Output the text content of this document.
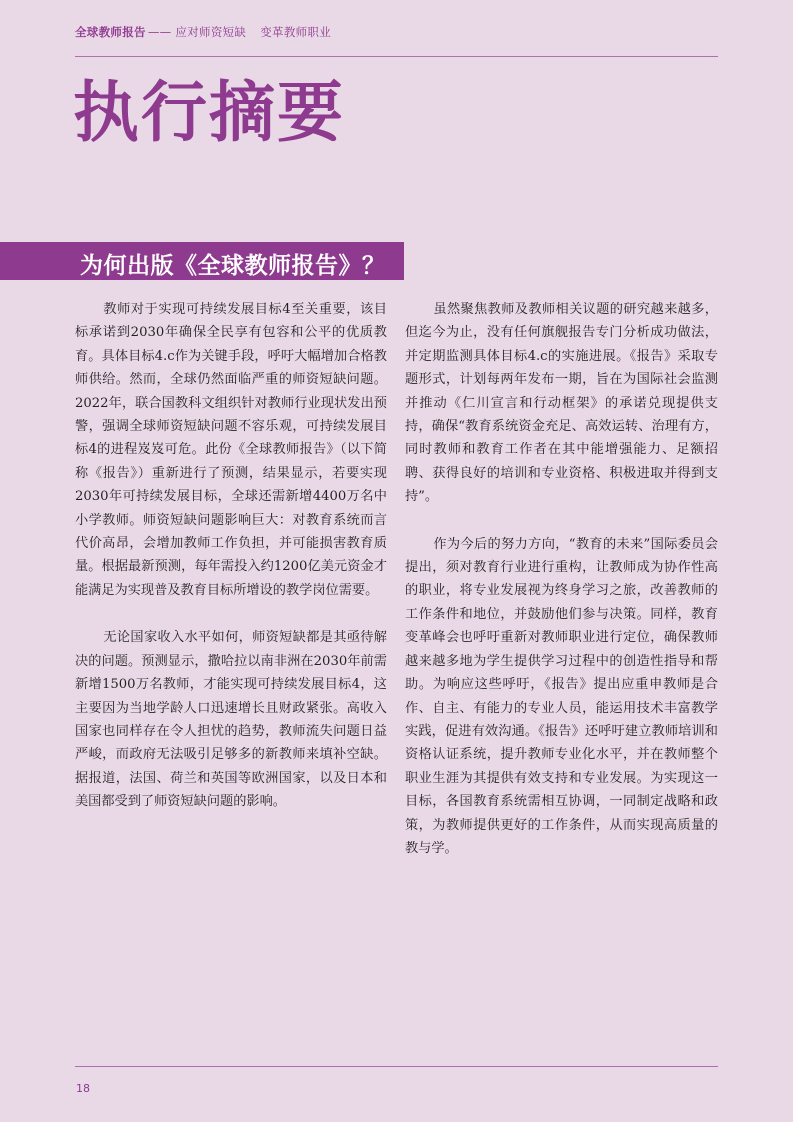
全球教师报告 —— 应对师资短缺 变革教师职业
执行摘要
为何出版《全球教师报告》？

教师对于实现可持续发展目标4至关重要，该目标承诺到2030年确保全民享有包容和公平的优质教育。具体目标4.c作为关键手段，呼吁大幅增加合格教师供给。然而，全球仍然面临严重的师资短缺问题。2022年，联合国教科文组织针对教师行业现状发出预警，强调全球师资短缺问题不容乐观，可持续发展目标4的进程岌岌可危。此份《全球教师报告》（以下简称《报告》）重新进行了预测，结果显示，若要实现2030年可持续发展目标，全球还需新增4400万名中小学教师。师资短缺问题影响巨大：对教育系统而言代价高昂，会增加教师工作负担，并可能损害教育质量。根据最新预测，每年需投入约1200亿美元资金才能满足为实现普及教育目标所增设的教学岗位需要。

无论国家收入水平如何，师资短缺都是其亟待解决的问题。预测显示，撒哈拉以南非洲在2030年前需新增1500万名教师，才能实现可持续发展目标4，这主要因为当地学龄人口迅速增长且财政紧张。高收入国家也同样存在令人担忧的趋势，教师流失问题日益严峻，而政府无法吸引足够多的新教师来填补空缺。据报道，法国、荷兰和英国等欧洲国家，以及日本和美国都受到了师资短缺问题的影响。

虽然聚焦教师及教师相关议题的研究越来越多，但迄今为止，没有任何旗舰报告专门分析成功做法，并定期监测具体目标4.c的实施进展。《报告》采取专题形式，计划每两年发布一期，旨在为国际社会监测并推动《仁川宣言和行动框架》的承诺兑现提供支持，确保“教育系统资金充足、高效运转、治理有方，同时教师和教育工作者在其中能增强能力、足额招聘、获得良好的培训和专业资格、积极进取并得到支持”。

作为今后的努力方向，“教育的未来”国际委员会提出，须对教育行业进行重构，让教师成为协作性高的职业，将专业发展视为终身学习之旅，改善教师的工作条件和地位，并鼓励他们参与决策。同样，教育变革峰会也呼吁重新对教师职业进行定位，确保教师越来越多地为学生提供学习过程中的创造性指导和帮助。为响应这些呼吁，《报告》提出应重申教师是合作、自主、有能力的专业人员，能运用技术丰富教学实践，促进有效沟通。《报告》还呼吁建立教师培训和资格认证系统，提升教师专业化水平，并在教师整个职业生涯为其提供有效支持和专业发展。为实现这一目标，各国教育系统需相互协调，一同制定战略和政策，为教师提供更好的工作条件，从而实现高质量的教与学。

18
